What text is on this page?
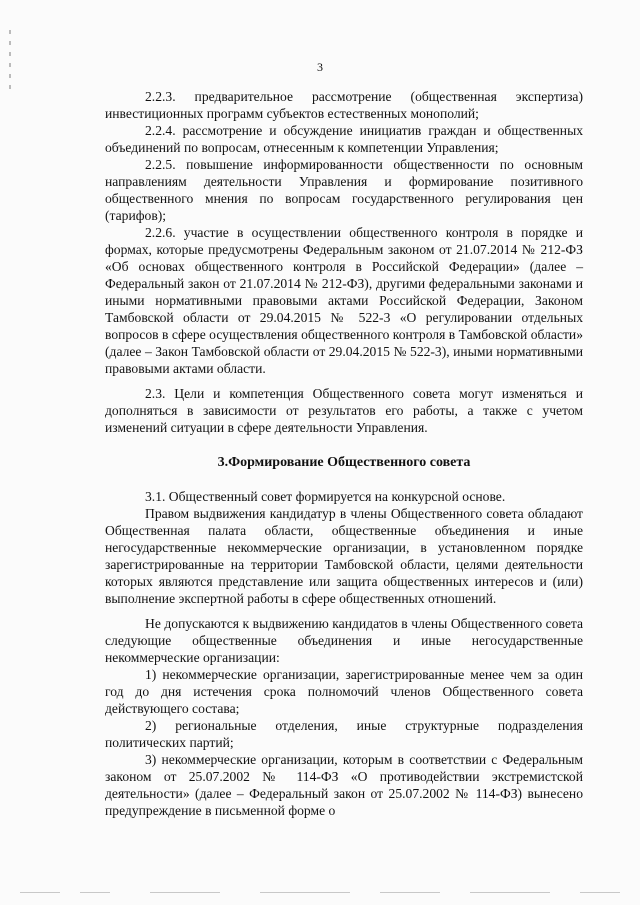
3

2.2.3. предварительное рассмотрение (общественная экспертиза) инвестиционных программ субъектов естественных монополий;

2.2.4. рассмотрение и обсуждение инициатив граждан и общественных объединений по вопросам, отнесенным к компетенции Управления;

2.2.5. повышение информированности общественности по основным направлениям деятельности Управления и формирование позитивного общественного мнения по вопросам государственного регулирования цен (тарифов);

2.2.6. участие в осуществлении общественного контроля в порядке и формах, которые предусмотрены Федеральным законом от 21.07.2014 № 212-ФЗ «Об основах общественного контроля в Российской Федерации» (далее – Федеральный закон от 21.07.2014 № 212-ФЗ), другими федеральными законами и иными нормативными правовыми актами Российской Федерации, Законом Тамбовской области от 29.04.2015 № 522-3 «О регулировании отдельных вопросов в сфере осуществления общественного контроля в Тамбовской области» (далее – Закон Тамбовской области от 29.04.2015 № 522-3), иными нормативными правовыми актами области.

2.3. Цели и компетенция Общественного совета могут изменяться и дополняться в зависимости от результатов его работы, а также с учетом изменений ситуации в сфере деятельности Управления.

3.Формирование Общественного совета

3.1. Общественный совет формируется на конкурсной основе.

Правом выдвижения кандидатур в члены Общественного совета обладают Общественная палата области, общественные объединения и иные негосударственные некоммерческие организации, в установленном порядке зарегистрированные на территории Тамбовской области, целями деятельности которых являются представление или защита общественных интересов и (или) выполнение экспертной работы в сфере общественных отношений.

Не допускаются к выдвижению кандидатов в члены Общественного совета следующие общественные объединения и иные негосударственные некоммерческие организации:

1) некоммерческие организации, зарегистрированные менее чем за один год до дня истечения срока полномочий членов Общественного совета действующего состава;

2) региональные отделения, иные структурные подразделения политических партий;

3) некоммерческие организации, которым в соответствии с Федеральным законом от 25.07.2002 № 114-ФЗ «О противодействии экстремистской деятельности» (далее – Федеральный закон от 25.07.2002 № 114-ФЗ) вынесено предупреждение в письменной форме о
